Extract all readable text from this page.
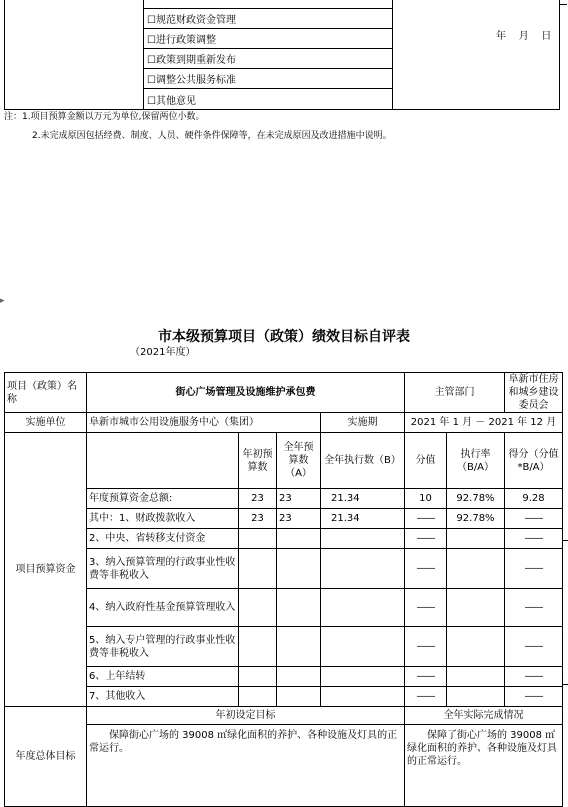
☐规范财政资金管理
☐进行政策调整
☐政策到期重新发布
☐调整公共服务标准
☐其他意见
年    月    日
注：1.项目预算金额以万元为单位,保留两位小数。
2.未完成原因包括经费、制度、人员、硬件条件保障等，在未完成原因及改进措施中说明。
▸
市本级预算项目（政策）绩效目标自评表
（2021年度）
项目（政策）名称	街心广场管理及设施维护承包费				主管部门		阜新市住房和城乡建设委员会
实施单位	阜新市城市公用设施服务中心（集团）			实施期	2021 年 1 月 － 2021 年 12 月		
项目预算资金		年初预算数	全年预算数（A）	全年执行数（B）	分值	执行率（B/A）	得分（分值*B/A）
	年度预算资金总额:	23	23	21.34	10	92.78%	9.28
	其中：1、财政拨款收入	23	23	21.34	——	92.78%	——
	2、中央、省转移支付资金				——		——
	3、纳入预算管理的行政事业性收费等非税收入				——		——
	4、纳入政府性基金预算管理收入				——		——
	5、纳入专户管理的行政事业性收费等非税收入				——		——
	6、上年结转				——		——
	7、其他收入				——		——
年度总体目标	年初设定目标				全年实际完成情况		
	保障街心广场的 39008 ㎡绿化面积的养护、各种设施及灯具的正常运行。				保障了街心广场的 39008 ㎡绿化面积的养护、各种设施及灯具的正常运行。		
